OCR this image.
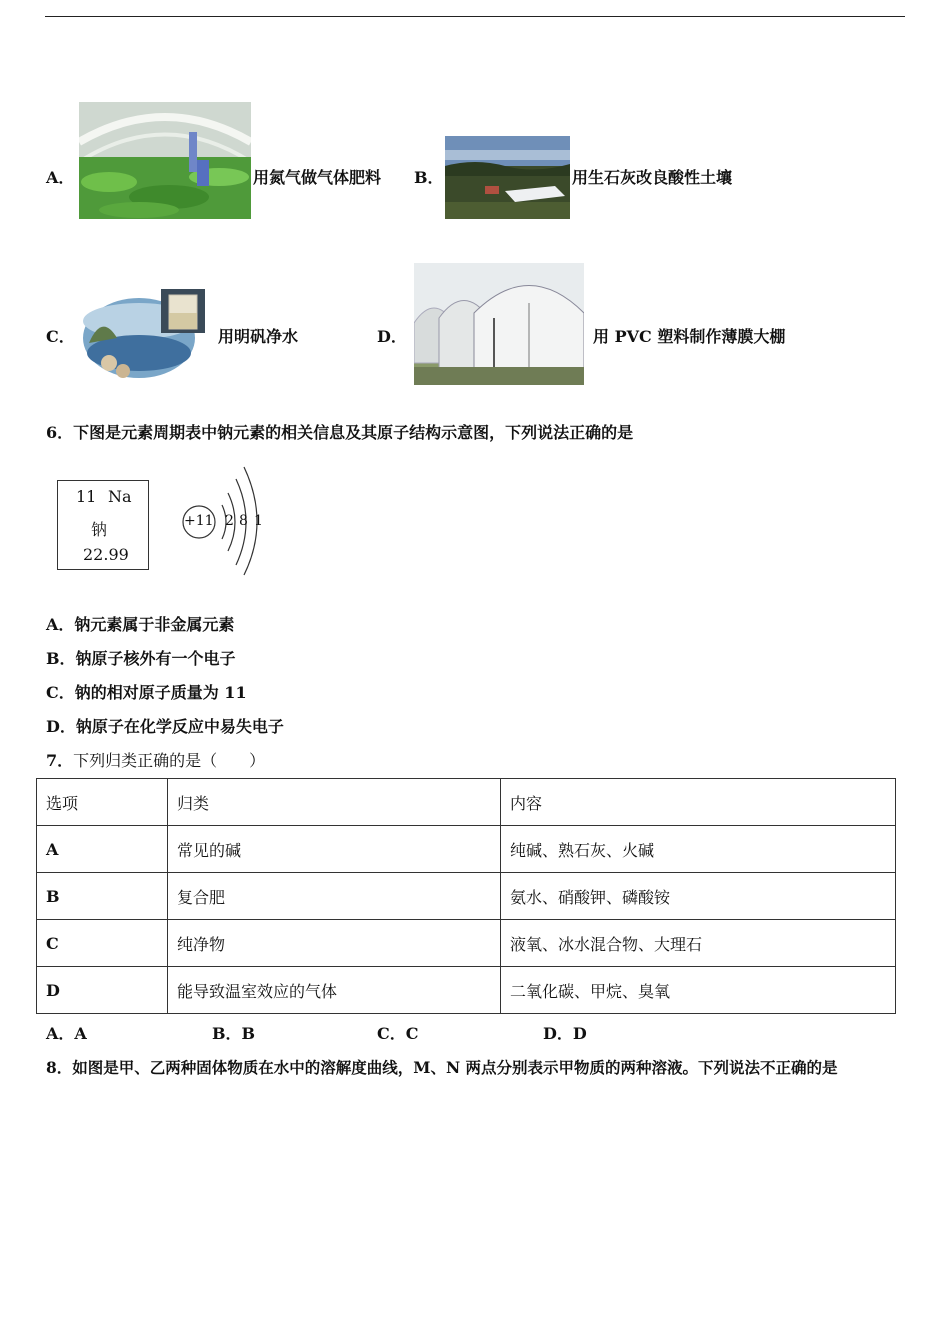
A．	用氮气做气体肥料 B．	用生石灰改良酸性土壤
C．	用明矾净水	D．	用 PVC 塑料制作薄膜大棚
6．下图是元素周期表中钠元素的相关信息及其原子结构示意图，下列说法正确的是
11 Na
钠
22.99
+11 2 8 1
A．钠元素属于非金属元素
B．钠原子核外有一个电子
C．钠的相对原子质量为 11
D．钠原子在化学反应中易失电子
7．下列归类正确的是（　　）
选项	归类	内容
A	常见的碱	纯碱、熟石灰、火碱
B	复合肥	氨水、硝酸钾、磷酸铵
C	纯净物	液氧、冰水混合物、大理石
D	能导致温室效应的气体	二氧化碳、甲烷、臭氧
A．A	B．B	C．C	D．D
8．如图是甲、乙两种固体物质在水中的溶解度曲线，M、N 两点分别表示甲物质的两种溶液。下列说法不正确的是
